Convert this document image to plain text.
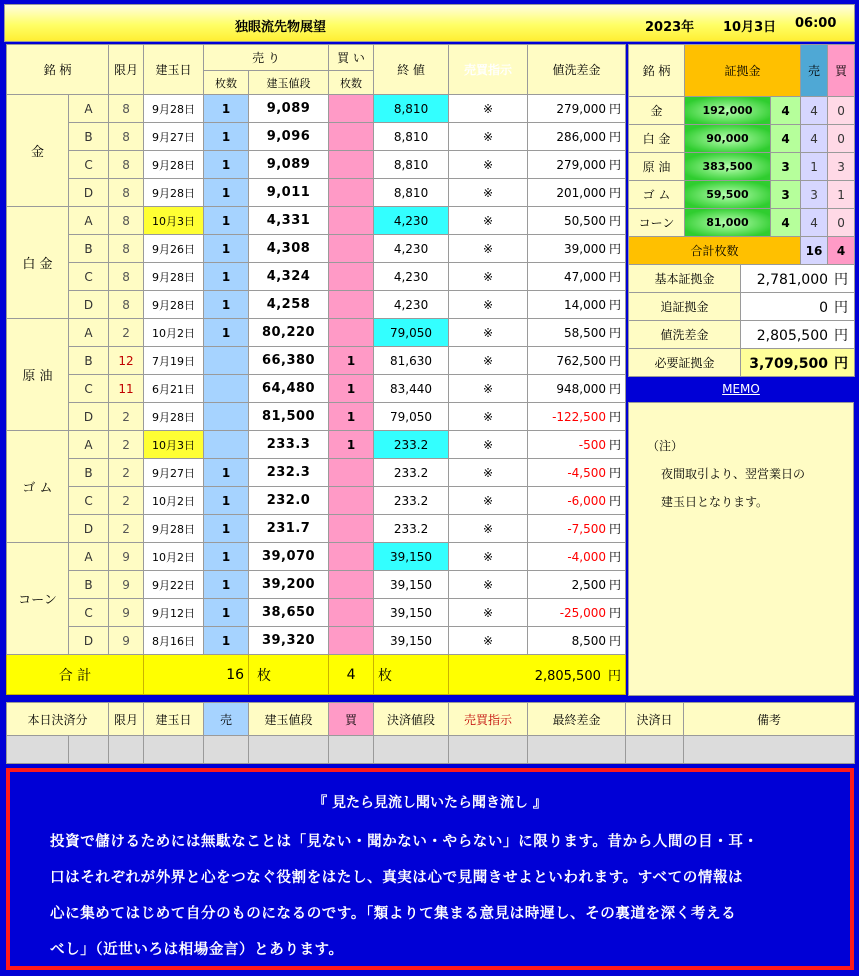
独眼流先物展望	2023年 10月3日 06:00
銘 柄		限月	建玉日	売 り		買 い	終 値	売買指示	値洗差金
				枚数	建玉値段	枚数			
金	A	8	9月28日	1	9,089		8,810	※	279,000 円
	B	8	9月27日	1	9,096		8,810	※	286,000 円
	C	8	9月28日	1	9,089		8,810	※	279,000 円
	D	8	9月28日	1	9,011		8,810	※	201,000 円
白 金	A	8	10月3日	1	4,331		4,230	※	50,500 円
	B	8	9月26日	1	4,308		4,230	※	39,000 円
	C	8	9月28日	1	4,324		4,230	※	47,000 円
	D	8	9月28日	1	4,258		4,230	※	14,000 円
原 油	A	2	10月2日	1	80,220		79,050	※	58,500 円
	B	12	7月19日		66,380	1	81,630	※	762,500 円
	C	11	6月21日		64,480	1	83,440	※	948,000 円
	D	2	9月28日		81,500	1	79,050	※	-122,500 円
ゴ ム	A	2	10月3日		233.3	1	233.2	※	-500 円
	B	2	9月27日	1	232.3		233.2	※	-4,500 円
	C	2	10月2日	1	232.0		233.2	※	-6,000 円
	D	2	9月28日	1	231.7		233.2	※	-7,500 円
コーン	A	9	10月2日	1	39,070		39,150	※	-4,000 円
	B	9	9月22日	1	39,200		39,150	※	2,500 円
	C	9	9月12日	1	38,650		39,150	※	-25,000 円
	D	9	8月16日	1	39,320		39,150	※	8,500 円
合 計			16		枚	4	枚	2,805,500 円	
銘 柄	証拠金			売	買
金	192,000		4	4	0
白 金	90,000		4	4	0
原 油	383,500		3	1	3
ゴ ム	59,500		3	3	1
コーン	81,000		4	4	0
合計枚数				16	4
基本証拠金		2,781,000 円			
追証拠金		0 円			
値洗差金		2,805,500 円			
必要証拠金		3,709,500 円			
MEMO
（注）
夜間取引より、翌営業日の
建玉日となります。
本日決済分		限月	建玉日	売	建玉値段	買	決済値段	売買指示	最終差金	決済日	備考

『 見たら見流し聞いたら聞き流し 』
投資で儲けるためには無駄なことは「見ない・聞かない・やらない」に限ります。昔から人間の目・耳・
口はそれぞれが外界と心をつなぐ役割をはたし、真実は心で見聞きせよといわれます。すべての情報は
心に集めてはじめて自分のものになるのです。「類よりて集まる意見は時遅し、その裏道を深く考える
べし」（近世いろは相場金言）とあります。
